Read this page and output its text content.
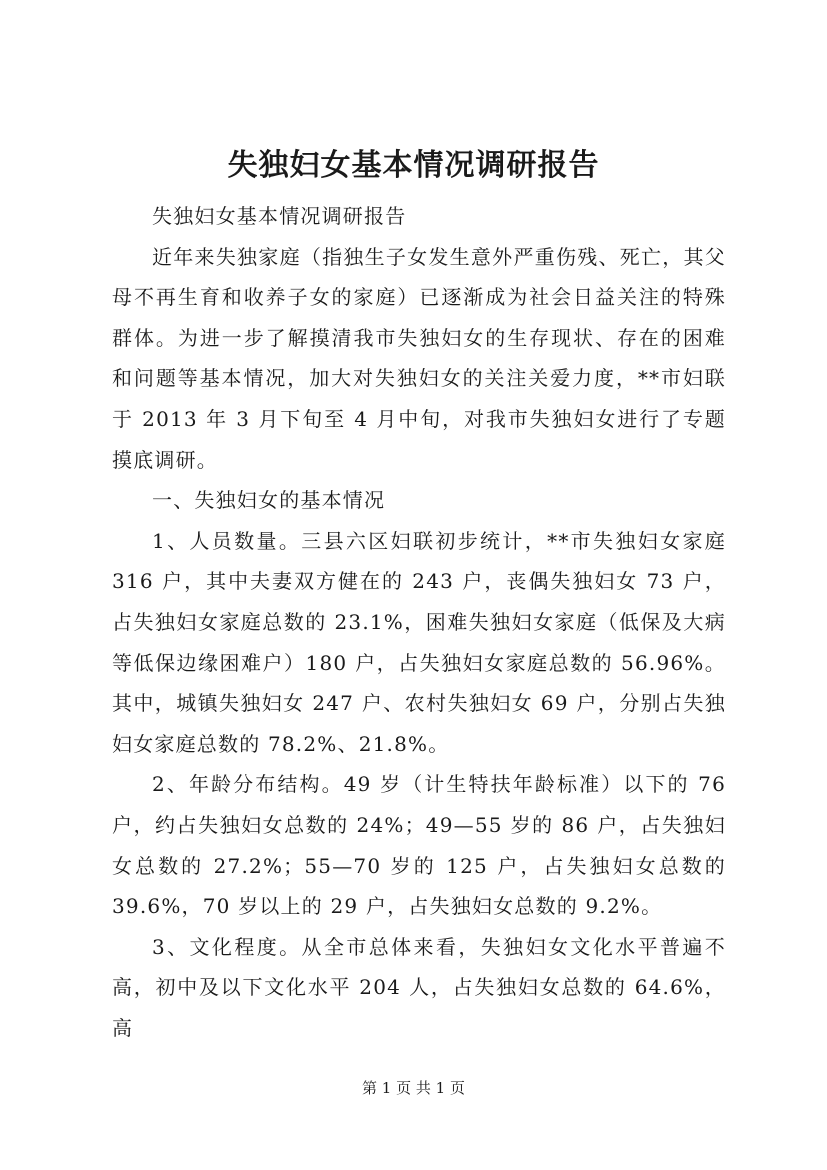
失独妇女基本情况调研报告

失独妇女基本情况调研报告

近年来失独家庭（指独生子女发生意外严重伤残、死亡，其父母不再生育和收养子女的家庭）已逐渐成为社会日益关注的特殊群体。为进一步了解摸清我市失独妇女的生存现状、存在的困难和问题等基本情况，加大对失独妇女的关注关爱力度，**市妇联于 2013 年 3 月下旬至 4 月中旬，对我市失独妇女进行了专题摸底调研。

一、失独妇女的基本情况

1、人员数量。三县六区妇联初步统计，**市失独妇女家庭 316 户，其中夫妻双方健在的 243 户，丧偶失独妇女 73 户，占失独妇女家庭总数的 23.1%，困难失独妇女家庭（低保及大病等低保边缘困难户）180 户，占失独妇女家庭总数的 56.96%。其中，城镇失独妇女 247 户、农村失独妇女 69 户，分别占失独妇女家庭总数的 78.2%、21.8%。

2、年龄分布结构。49 岁（计生特扶年龄标准）以下的 76 户，约占失独妇女总数的 24%；49—55 岁的 86 户，占失独妇女总数的 27.2%；55—70 岁的 125 户，占失独妇女总数的 39.6%，70 岁以上的 29 户，占失独妇女总数的 9.2%。

3、文化程度。从全市总体来看，失独妇女文化水平普遍不高，初中及以下文化水平 204 人，占失独妇女总数的 64.6%，高

第 1 页 共 1 页
